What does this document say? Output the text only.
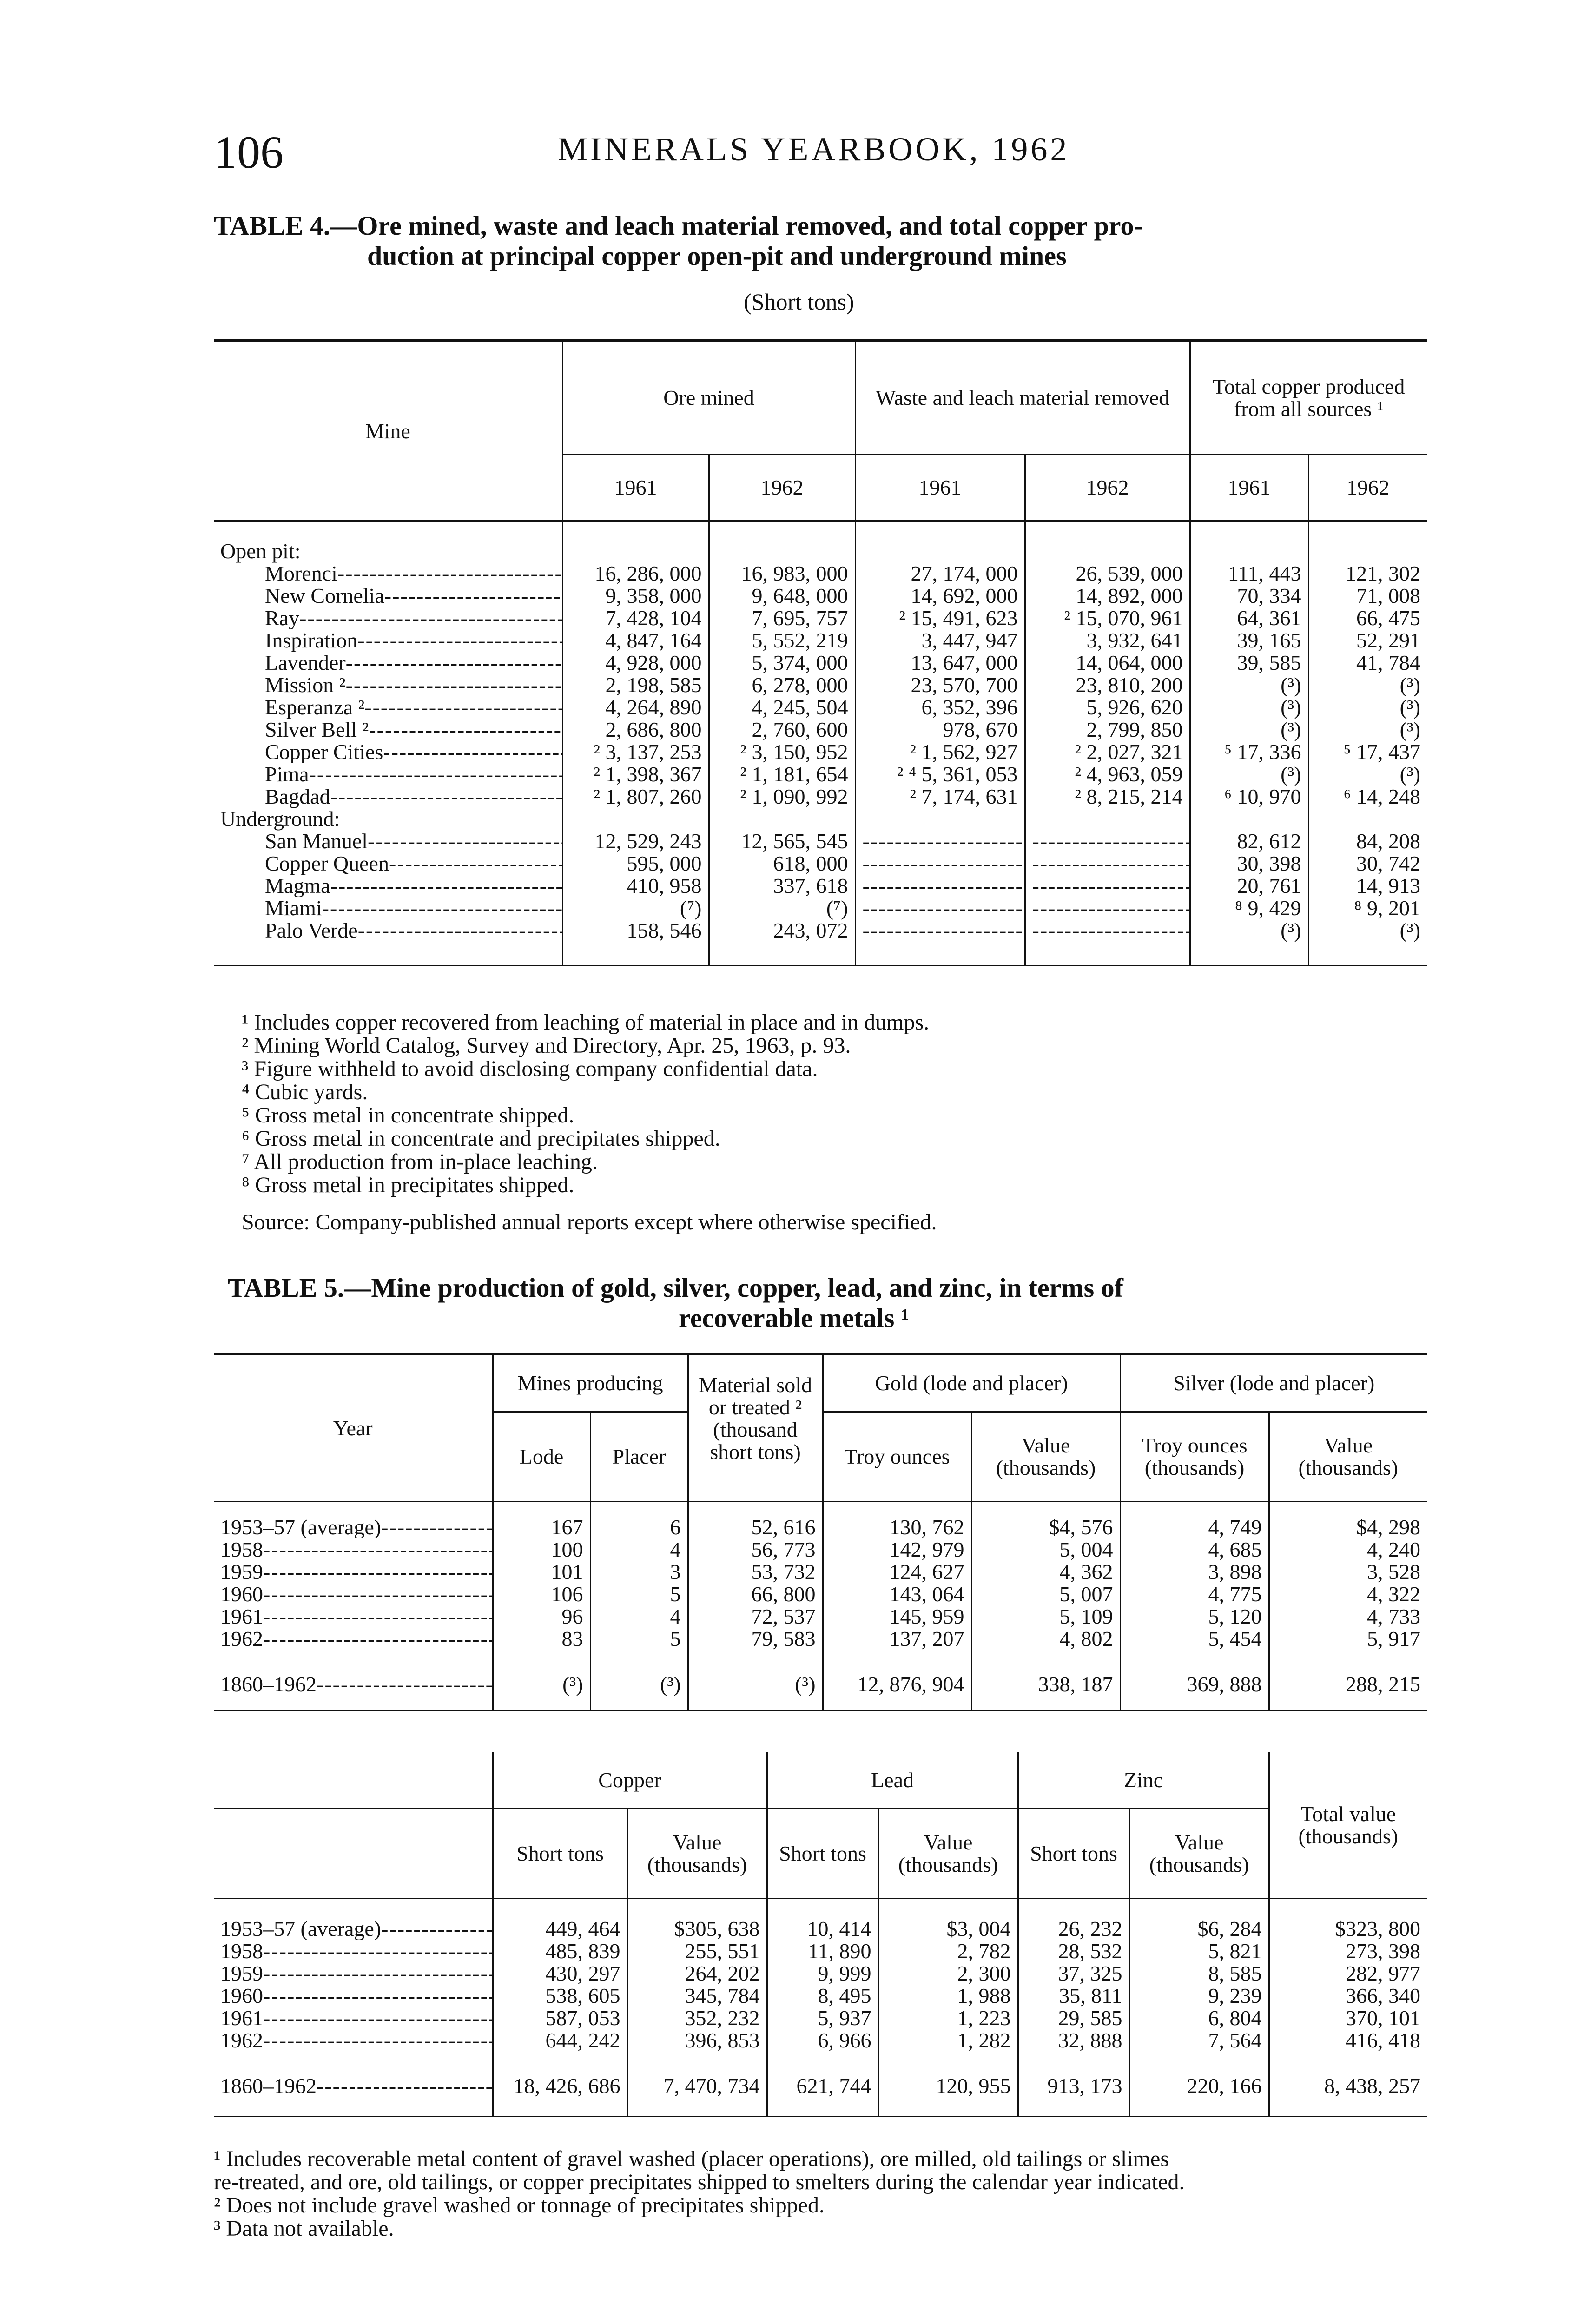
106	MINERALS YEARBOOK, 1962
TABLE 4.—Ore mined, waste and leach material removed, and total copper pro-
duction at principal copper open-pit and underground mines
(Short tons)
Mine	Ore mined		Waste and leach material removed		Total copper produced from all sources ¹	
	1961	1962	1961	1962	1961	1962

Open pit:						
Morenci -----	16, 286, 000	16, 983, 000	27, 174, 000	26, 539, 000	111, 443	121, 302
New Cornelia -----	9, 358, 000	9, 648, 000	14, 692, 000	14, 892, 000	70, 334	71, 008
Ray -----	7, 428, 104	7, 695, 757	² 15, 491, 623	² 15, 070, 961	64, 361	66, 475
Inspiration -----	4, 847, 164	5, 552, 219	3, 447, 947	3, 932, 641	39, 165	52, 291
Lavender -----	4, 928, 000	5, 374, 000	13, 647, 000	14, 064, 000	39, 585	41, 784
Mission ² -----	2, 198, 585	6, 278, 000	23, 570, 700	23, 810, 200	(³)	(³)
Esperanza ² -----	4, 264, 890	4, 245, 504	6, 352, 396	5, 926, 620	(³)	(³)
Silver Bell ² -----	2, 686, 800	2, 760, 600	978, 670	2, 799, 850	(³)	(³)
Copper Cities -----	² 3, 137, 253	² 3, 150, 952	² 1, 562, 927	² 2, 027, 321	⁵ 17, 336	⁵ 17, 437
Pima -----	² 1, 398, 367	² 1, 181, 654	² ⁴ 5, 361, 053	² 4, 963, 059	(³)	(³)
Bagdad -----	² 1, 807, 260	² 1, 090, 992	² 7, 174, 631	² 8, 215, 214	⁶ 10, 970	⁶ 14, 248
Underground:						
San Manuel -----	12, 529, 243	12, 565, 545	-----	-----	82, 612	84, 208
Copper Queen -----	595, 000	618, 000	-----	-----	30, 398	30, 742
Magma -----	410, 958	337, 618	-----	-----	20, 761	14, 913
Miami -----	(⁷)	(⁷)	-----	-----	⁸ 9, 429	⁸ 9, 201
Palo Verde -----	158, 546	243, 072	-----	-----	(³)	(³)

¹ Includes copper recovered from leaching of material in place and in dumps.
² Mining World Catalog, Survey and Directory, Apr. 25, 1963, p. 93.
³ Figure withheld to avoid disclosing company confidential data.
⁴ Cubic yards.
⁵ Gross metal in concentrate shipped.
⁶ Gross metal in concentrate and precipitates shipped.
⁷ All production from in-place leaching.
⁸ Gross metal in precipitates shipped.
Source: Company-published annual reports except where otherwise specified.
TABLE 5.—Mine production of gold, silver, copper, lead, and zinc, in terms of
recoverable metals ¹
Year	Mines producing		Material sold or treated ² (thousand short tons)	Gold (lode and placer)		Silver (lode and placer)	
	Lode	Placer		Troy ounces	Value (thousands)	Troy ounces (thousands)	Value (thousands)

1953–57 (average) -----	167	6	52, 616	130, 762	$4, 576	4, 749	$4, 298
1958 -----	100	4	56, 773	142, 979	5, 004	4, 685	4, 240
1959 -----	101	3	53, 732	124, 627	4, 362	3, 898	3, 528
1960 -----	106	5	66, 800	143, 064	5, 007	4, 775	4, 322
1961 -----	96	4	72, 537	145, 959	5, 109	5, 120	4, 733
1962 -----	83	5	79, 583	137, 207	4, 802	5, 454	5, 917

1860–1962 -----	(³)	(³)	(³)	12, 876, 904	338, 187	369, 888	288, 215

	Copper		Lead		Zinc		Total value (thousands)
	Short tons	Value (thousands)	Short tons	Value (thousands)	Short tons	Value (thousands)	

1953–57 (average) -----	449, 464	$305, 638	10, 414	$3, 004	26, 232	$6, 284	$323, 800
1958 -----	485, 839	255, 551	11, 890	2, 782	28, 532	5, 821	273, 398
1959 -----	430, 297	264, 202	9, 999	2, 300	37, 325	8, 585	282, 977
1960 -----	538, 605	345, 784	8, 495	1, 988	35, 811	9, 239	366, 340
1961 -----	587, 053	352, 232	5, 937	1, 223	29, 585	6, 804	370, 101
1962 -----	644, 242	396, 853	6, 966	1, 282	32, 888	7, 564	416, 418

1860–1962 -----	18, 426, 686	7, 470, 734	621, 744	120, 955	913, 173	220, 166	8, 438, 257

¹ Includes recoverable metal content of gravel washed (placer operations), ore milled, old tailings or slimes
re-treated, and ore, old tailings, or copper precipitates shipped to smelters during the calendar year indicated.
² Does not include gravel washed or tonnage of precipitates shipped.
³ Data not available.
